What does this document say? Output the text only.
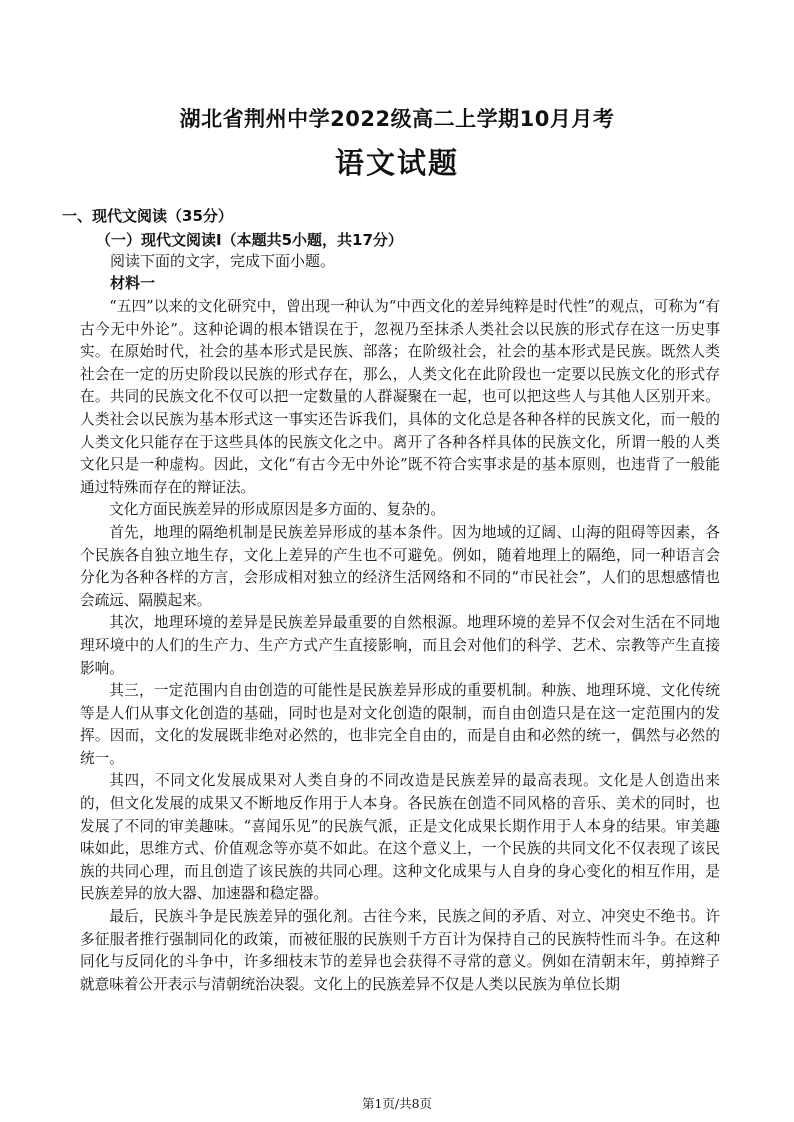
湖北省荆州中学2022级高二上学期10月月考
语文试题
一、现代文阅读（35分）
（一）现代文阅读Ⅰ（本题共5小题，共17分）
阅读下面的文字，完成下面小题。
材料一

“五四”以来的文化研究中，曾出现一种认为“中西文化的差异纯粹是时代性”的观点，可称为“有古今无中外论”。这种论调的根本错误在于，忽视乃至抹杀人类社会以民族的形式存在这一历史事实。在原始时代，社会的基本形式是民族、部落；在阶级社会，社会的基本形式是民族。既然人类社会在一定的历史阶段以民族的形式存在，那么，人类文化在此阶段也一定要以民族文化的形式存在。共同的民族文化不仅可以把一定数量的人群凝聚在一起，也可以把这些人与其他人区别开来。人类社会以民族为基本形式这一事实还告诉我们，具体的文化总是各种各样的民族文化，而一般的人类文化只能存在于这些具体的民族文化之中。离开了各种各样具体的民族文化，所谓一般的人类文化只是一种虚构。因此，文化“有古今无中外论”既不符合实事求是的基本原则，也违背了一般能通过特殊而存在的辩证法。

文化方面民族差异的形成原因是多方面的、复杂的。

首先，地理的隔绝机制是民族差异形成的基本条件。因为地域的辽阔、山海的阻碍等因素，各个民族各自独立地生存，文化上差异的产生也不可避免。例如，随着地理上的隔绝，同一种语言会分化为各种各样的方言，会形成相对独立的经济生活网络和不同的“市民社会”，人们的思想感情也会疏远、隔膜起来。

其次，地理环境的差异是民族差异最重要的自然根源。地理环境的差异不仅会对生活在不同地理环境中的人们的生产力、生产方式产生直接影响，而且会对他们的科学、艺术、宗教等产生直接影响。

其三，一定范围内自由创造的可能性是民族差异形成的重要机制。种族、地理环境、文化传统等是人们从事文化创造的基础，同时也是对文化创造的限制，而自由创造只是在这一定范围内的发挥。因而，文化的发展既非绝对必然的，也非完全自由的，而是自由和必然的统一，偶然与必然的统一。

其四，不同文化发展成果对人类自身的不同改造是民族差异的最高表现。文化是人创造出来的，但文化发展的成果又不断地反作用于人本身。各民族在创造不同风格的音乐、美术的同时，也发展了不同的审美趣味。“喜闻乐见”的民族气派，正是文化成果长期作用于人本身的结果。审美趣味如此，思维方式、价值观念等亦莫不如此。在这个意义上，一个民族的共同文化不仅表现了该民族的共同心理，而且创造了该民族的共同心理。这种文化成果与人自身的身心变化的相互作用，是民族差异的放大器、加速器和稳定器。

最后，民族斗争是民族差异的强化剂。古往今来，民族之间的矛盾、对立、冲突史不绝书。许多征服者推行强制同化的政策，而被征服的民族则千方百计为保持自己的民族特性而斗争。在这种同化与反同化的斗争中，许多细枝末节的差异也会获得不寻常的意义。例如在清朝末年，剪掉辫子就意味着公开表示与清朝统治决裂。文化上的民族差异不仅是人类以民族为单位长期

第1页/共8页
